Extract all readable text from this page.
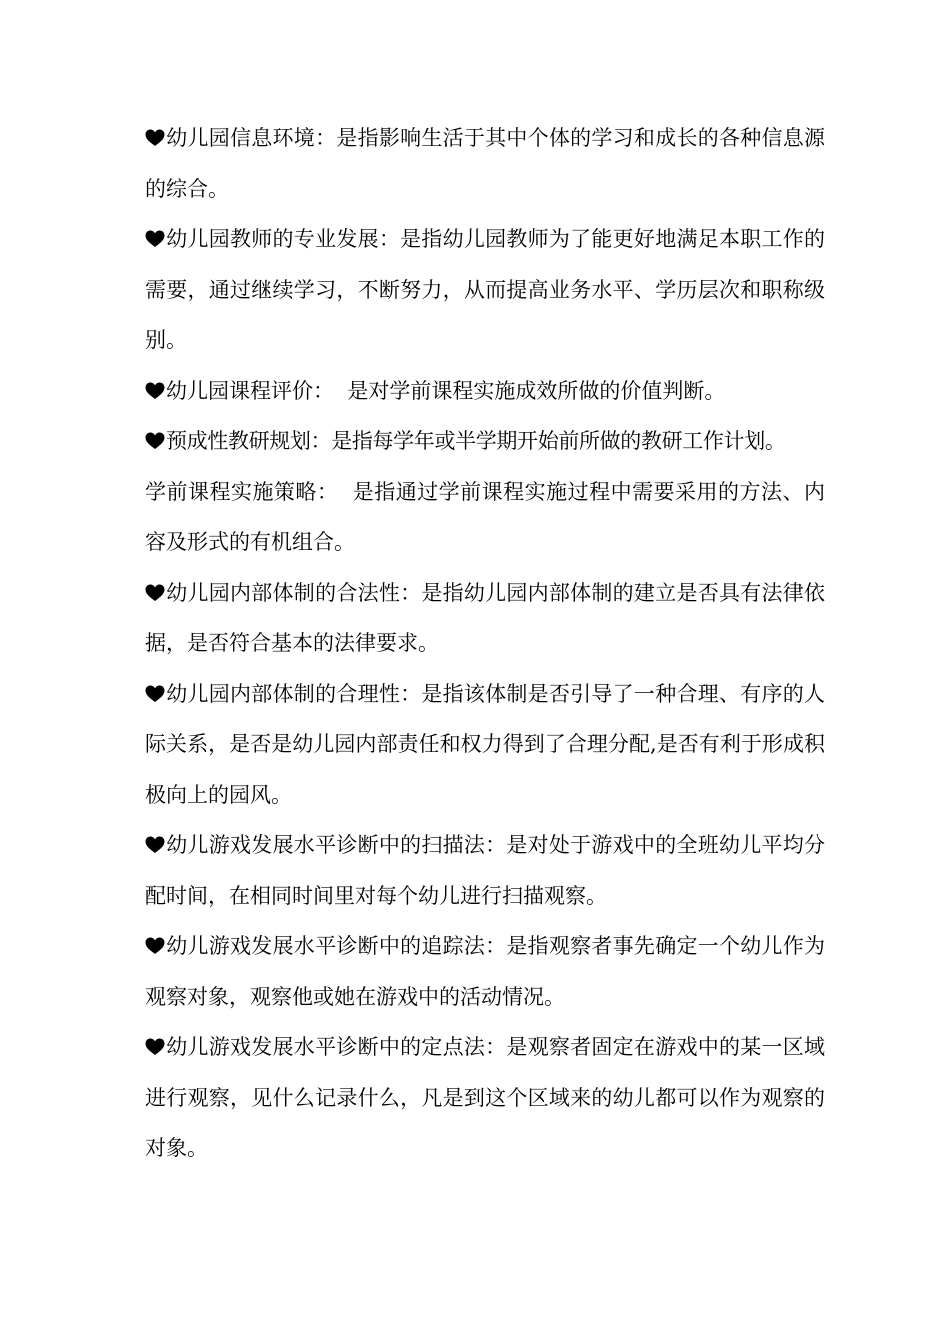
幼儿园信息环境：是指影响生活于其中个体的学习和成长的各种信息源的综合。

幼儿园教师的专业发展：是指幼儿园教师为了能更好地满足本职工作的需要，通过继续学习，不断努力，从而提高业务水平、学历层次和职称级别。

幼儿园课程评价：  是对学前课程实施成效所做的价值判断。

预成性教研规划：是指每学年或半学期开始前所做的教研工作计划。

学前课程实施策略：  是指通过学前课程实施过程中需要采用的方法、内容及形式的有机组合。

幼儿园内部体制的合法性：是指幼儿园内部体制的建立是否具有法律依据，是否符合基本的法律要求。

幼儿园内部体制的合理性：是指该体制是否引导了一种合理、有序的人际关系，是否是幼儿园内部责任和权力得到了合理分配,是否有利于形成积极向上的园风。

幼儿游戏发展水平诊断中的扫描法：是对处于游戏中的全班幼儿平均分配时间，在相同时间里对每个幼儿进行扫描观察。

幼儿游戏发展水平诊断中的追踪法：是指观察者事先确定一个幼儿作为观察对象，观察他或她在游戏中的活动情况。

幼儿游戏发展水平诊断中的定点法：是观察者固定在游戏中的某一区域进行观察，见什么记录什么，凡是到这个区域来的幼儿都可以作为观察的对象。
